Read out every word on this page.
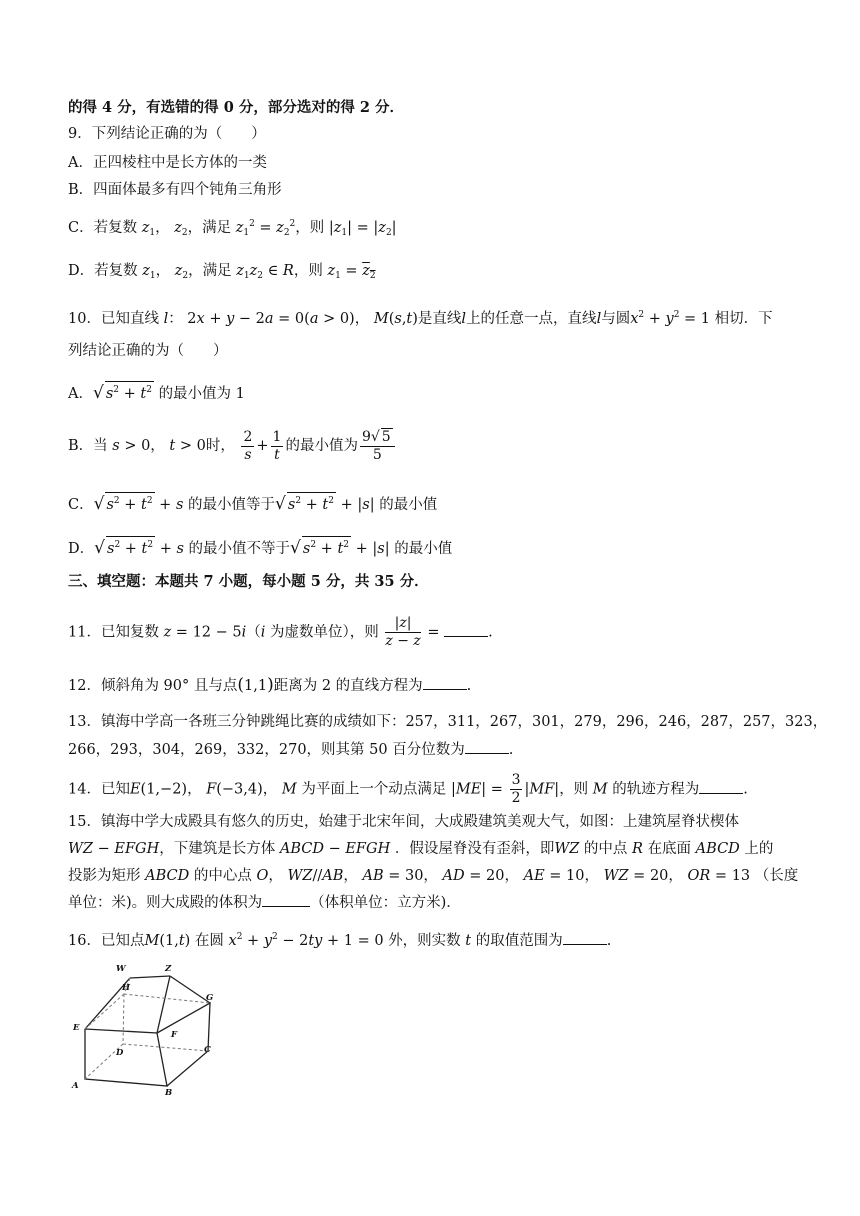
的得 4 分，有选错的得 0 分，部分选对的得 2 分．
9．下列结论正确的为（　　）
A．正四棱柱中是长方体的一类
B．四面体最多有四个钝角三角形
C．若复数 $z_1$， $z_2$，满足 $z_1^2 = z_2^2$，则 $|z_1| = |z_2|$
D．若复数 $z_1$， $z_2$，满足 $z_1z_2$ ∈ R，则 $z_1 = z_2$
10．已知直线 l： 2x + y − 2a = 0(a > 0)， M(s,t)是直线l上的任意一点，直线l与圆$x^2 + y^2 = 1$ 相切．下
列结论正确的为（　　）
A．√ $s^2 + t^2$ 的最小值为 1
B．当 s > 0， t > 0时， $\frac{2}{s} + \frac{1}{t}$ 的最小值为 $\frac{9√ 5}{5}$
C．√ $s^2 + t^2 + s$ 的最小值等于√ $s^2 + t^2 + |s|$ 的最小值
D．√ $s^2 + t^2 + s$ 的最小值不等于√ $s^2 + t^2 + |s|$ 的最小值
三、填空题：本题共 7 小题，每小题 5 分，共 35 分．
11．已知复数 z = 12 − 5i（i 为虚数单位），则 $\frac{|z|}{z - \overline{z}}$ =	.
12．倾斜角为 90° 且与点(1,1)距离为 2 的直线方程为	.
13．镇海中学高一各班三分钟跳绳比赛的成绩如下：257，311，267，301，279，296，246，287，257，323，
266，293，304，269，332，270，则其第 50 百分位数为	.
14．已知E(1,−2)， F(−3,4)， M 为平面上一个动点满足 $|ME| = \frac{3}{2} |MF|$，则 M 的轨迹方程为	.
15．镇海中学大成殿具有悠久的历史，始建于北宋年间，大成殿建筑美观大气，如图：上建筑屋脊状楔体
WZ − EFGH，下建筑是长方体 ABCD − EFGH ．假设屋脊没有歪斜，即WZ 的中点 R 在底面 ABCD 上的
投影为矩形 ABCD 的中心点 O， WZ//AB， AB = 30， AD = 20， AE = 10， WZ = 20， OR = 13 （长度
单位：米)。则大成殿的体积为	（体积单位：立方米)．
16．已知点M(1,t) 在圆 $x^2 + y^2 - 2ty + 1 = 0$ 外，则实数 t 的取值范围为	.
W	Z
H
G
E
F
D	C
A
B
